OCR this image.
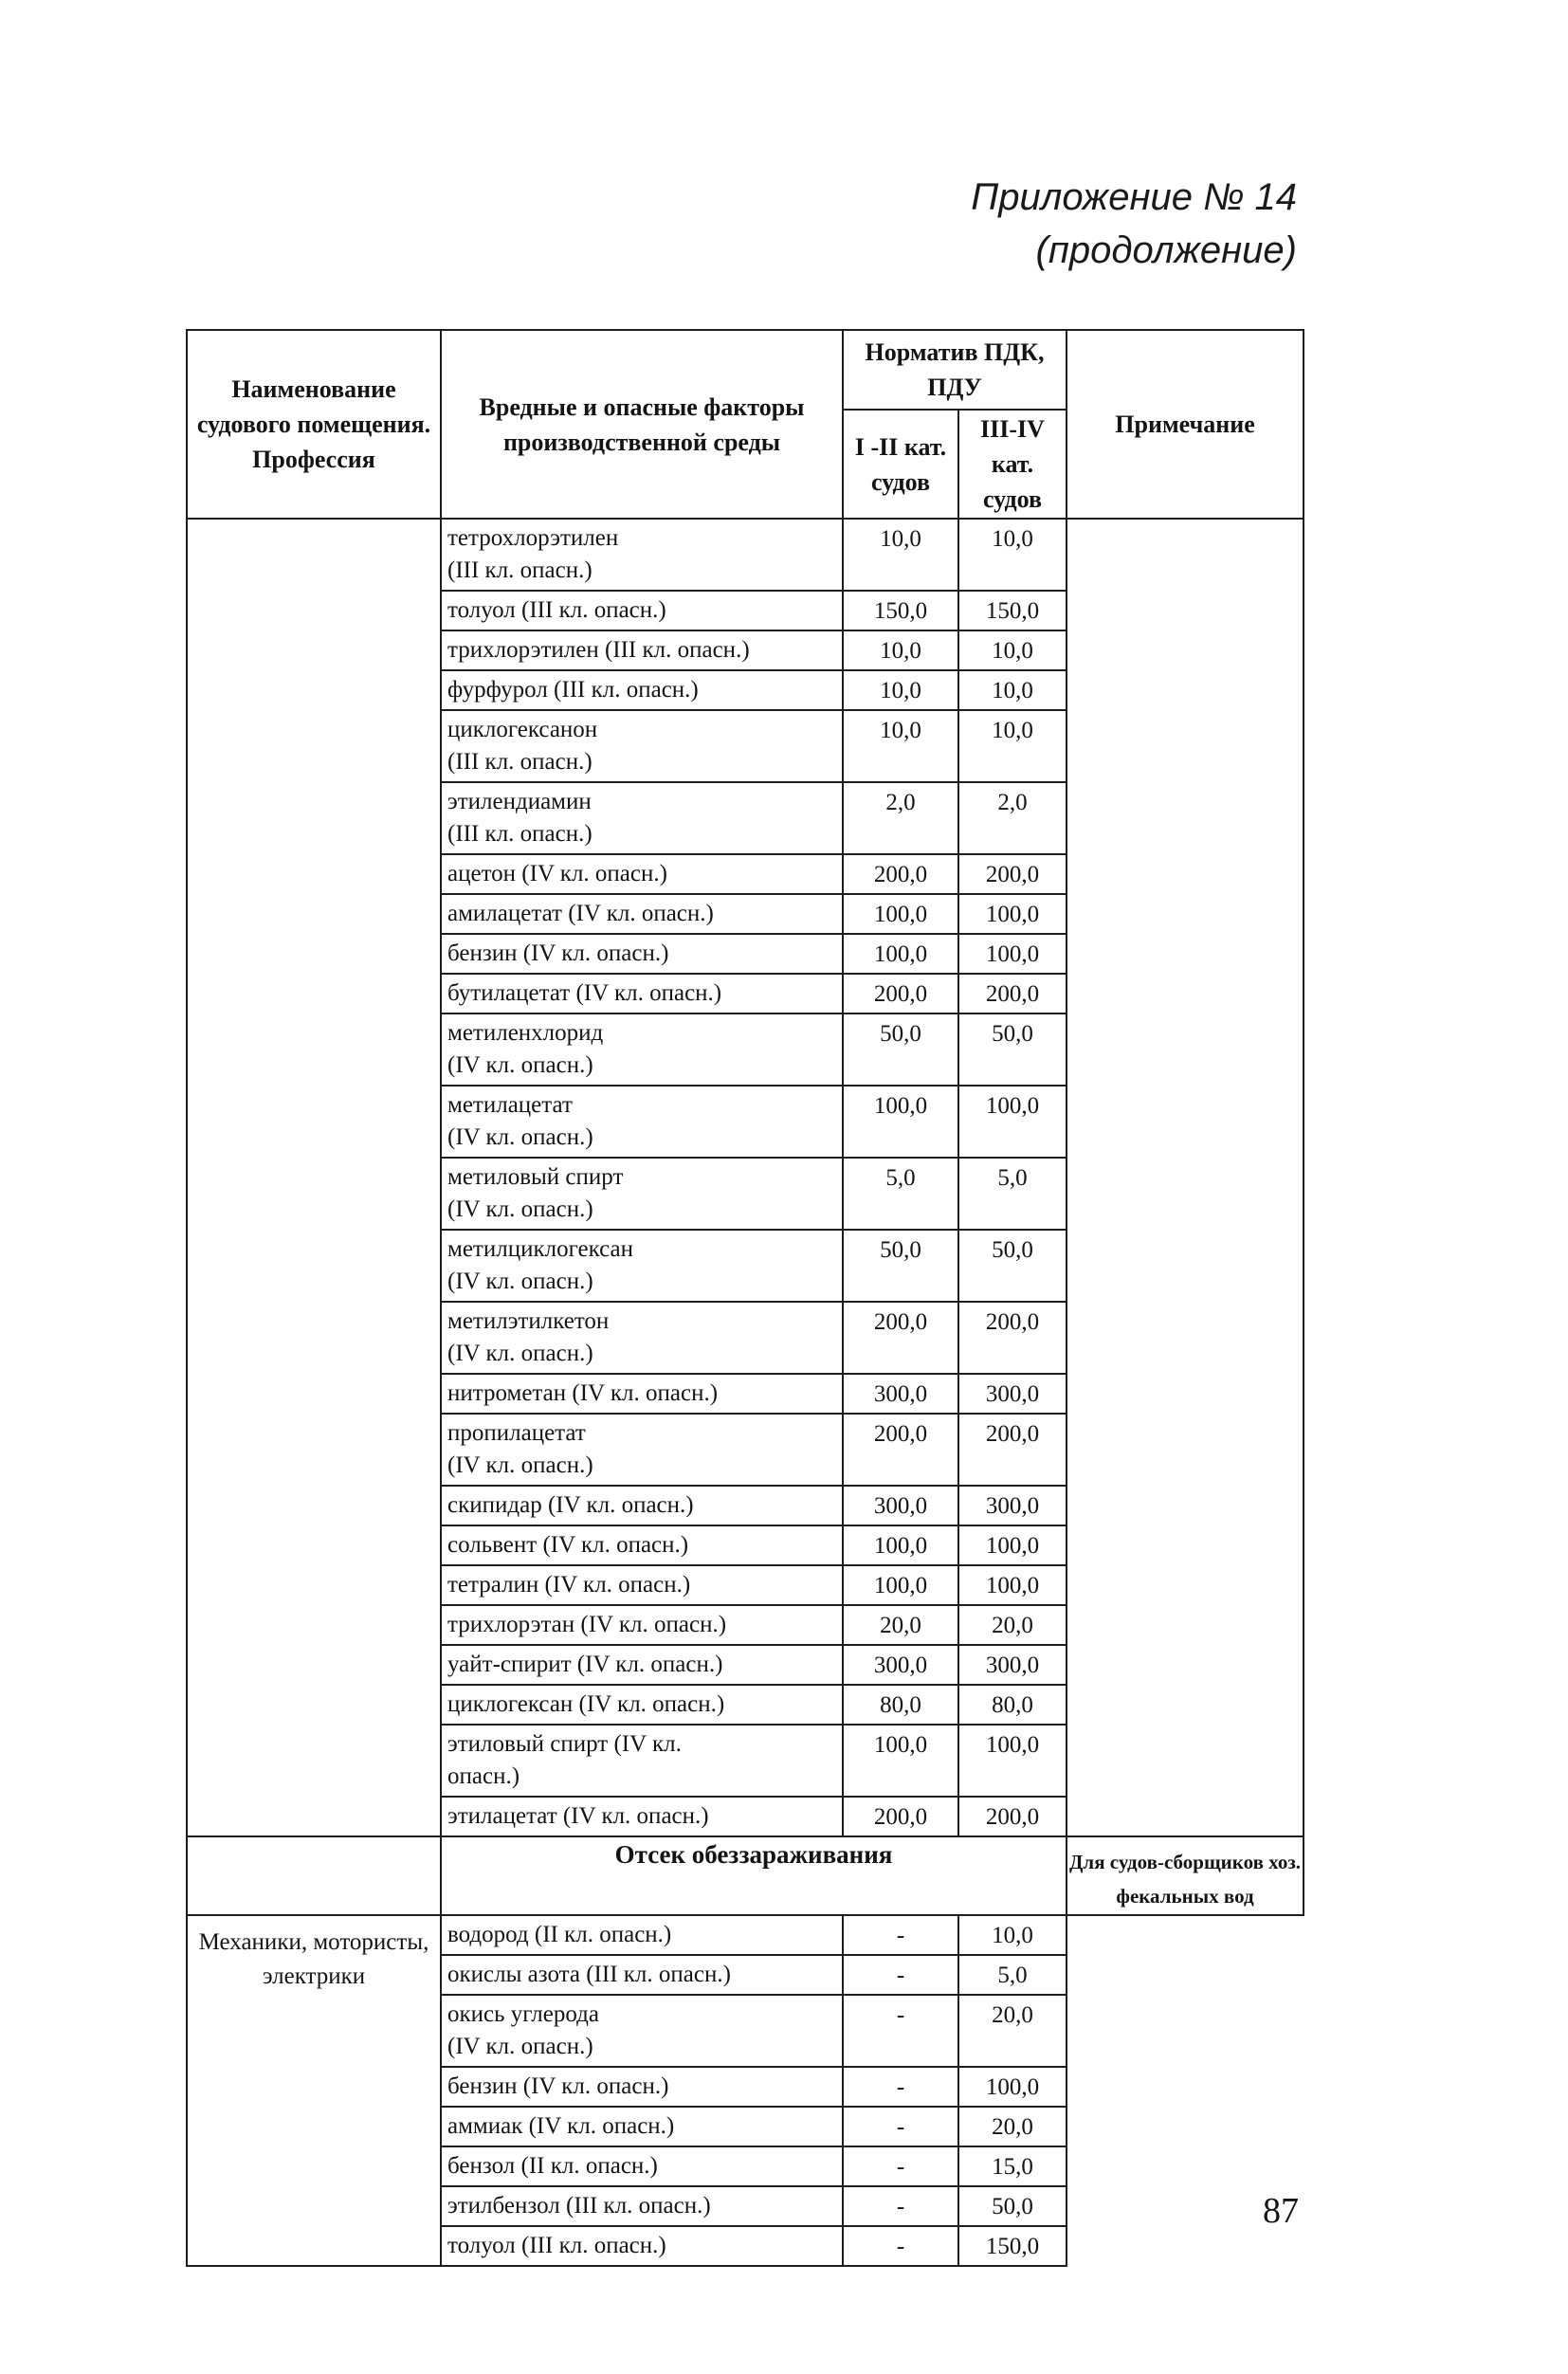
Приложение № 14
(продолжение)
Наименование судового помещения. Профессия	Вредные и опасные факторы производственной среды	Норматив ПДК, ПДУ		Примечание
		I -II кат. судов	III-IV кат. судов	

	тетрохлорэтилен
(III кл. опасн.)	10,0	10,0	

	толуол (III кл. опасн.)	150,0	150,0	

	трихлорэтилен (III кл. опасн.)	10,0	10,0	

	фурфурол (III кл. опасн.)	10,0	10,0	

	циклогексанон
(III кл. опасн.)	10,0	10,0	

	этилендиамин
(III кл. опасн.)	2,0	2,0	

	ацетон (IV кл. опасн.)	200,0	200,0	

	амилацетат (IV кл. опасн.)	100,0	100,0	

	бензин (IV кл. опасн.)	100,0	100,0	

	бутилацетат (IV кл. опасн.)	200,0	200,0	

	метиленхлорид
(IV кл. опасн.)	50,0	50,0	

	метилацетат
(IV кл. опасн.)	100,0	100,0	

	метиловый спирт
(IV кл. опасн.)	5,0	5,0	

	метилциклогексан
(IV кл. опасн.)	50,0	50,0	

	метилэтилкетон
(IV кл. опасн.)	200,0	200,0	

	нитрометан (IV кл. опасн.)	300,0	300,0	

	пропилацетат
(IV кл. опасн.)	200,0	200,0	

	скипидар (IV кл. опасн.)	300,0	300,0	

	сольвент (IV кл. опасн.)	100,0	100,0	

	тетралин (IV кл. опасн.)	100,0	100,0	

	трихлорэтан (IV кл. опасн.)	20,0	20,0	

	уайт-спирит (IV кл. опасн.)	300,0	300,0	

	циклогексан (IV кл. опасн.)	80,0	80,0	

	этиловый спирт (IV кл.
опасн.)	100,0	100,0	

	этилацетат (IV кл. опасн.)	200,0	200,0	
	Отсек обеззараживания			Для судов-сборщиков хоз. фекальных вод
Механики, мотористы, электрики	водород (II кл. опасн.)	-	10,0	

	окислы азота (III кл. опасн.)	-	5,0	

	окись углерода
(IV кл. опасн.)	-	20,0	

	бензин (IV кл. опасн.)	-	100,0	

	аммиак (IV кл. опасн.)	-	20,0	

	бензол (II кл. опасн.)	-	15,0	

	этилбензол (III кл. опасн.)	-	50,0	

	толуол (III кл. опасн.)	-	150,0	
87
